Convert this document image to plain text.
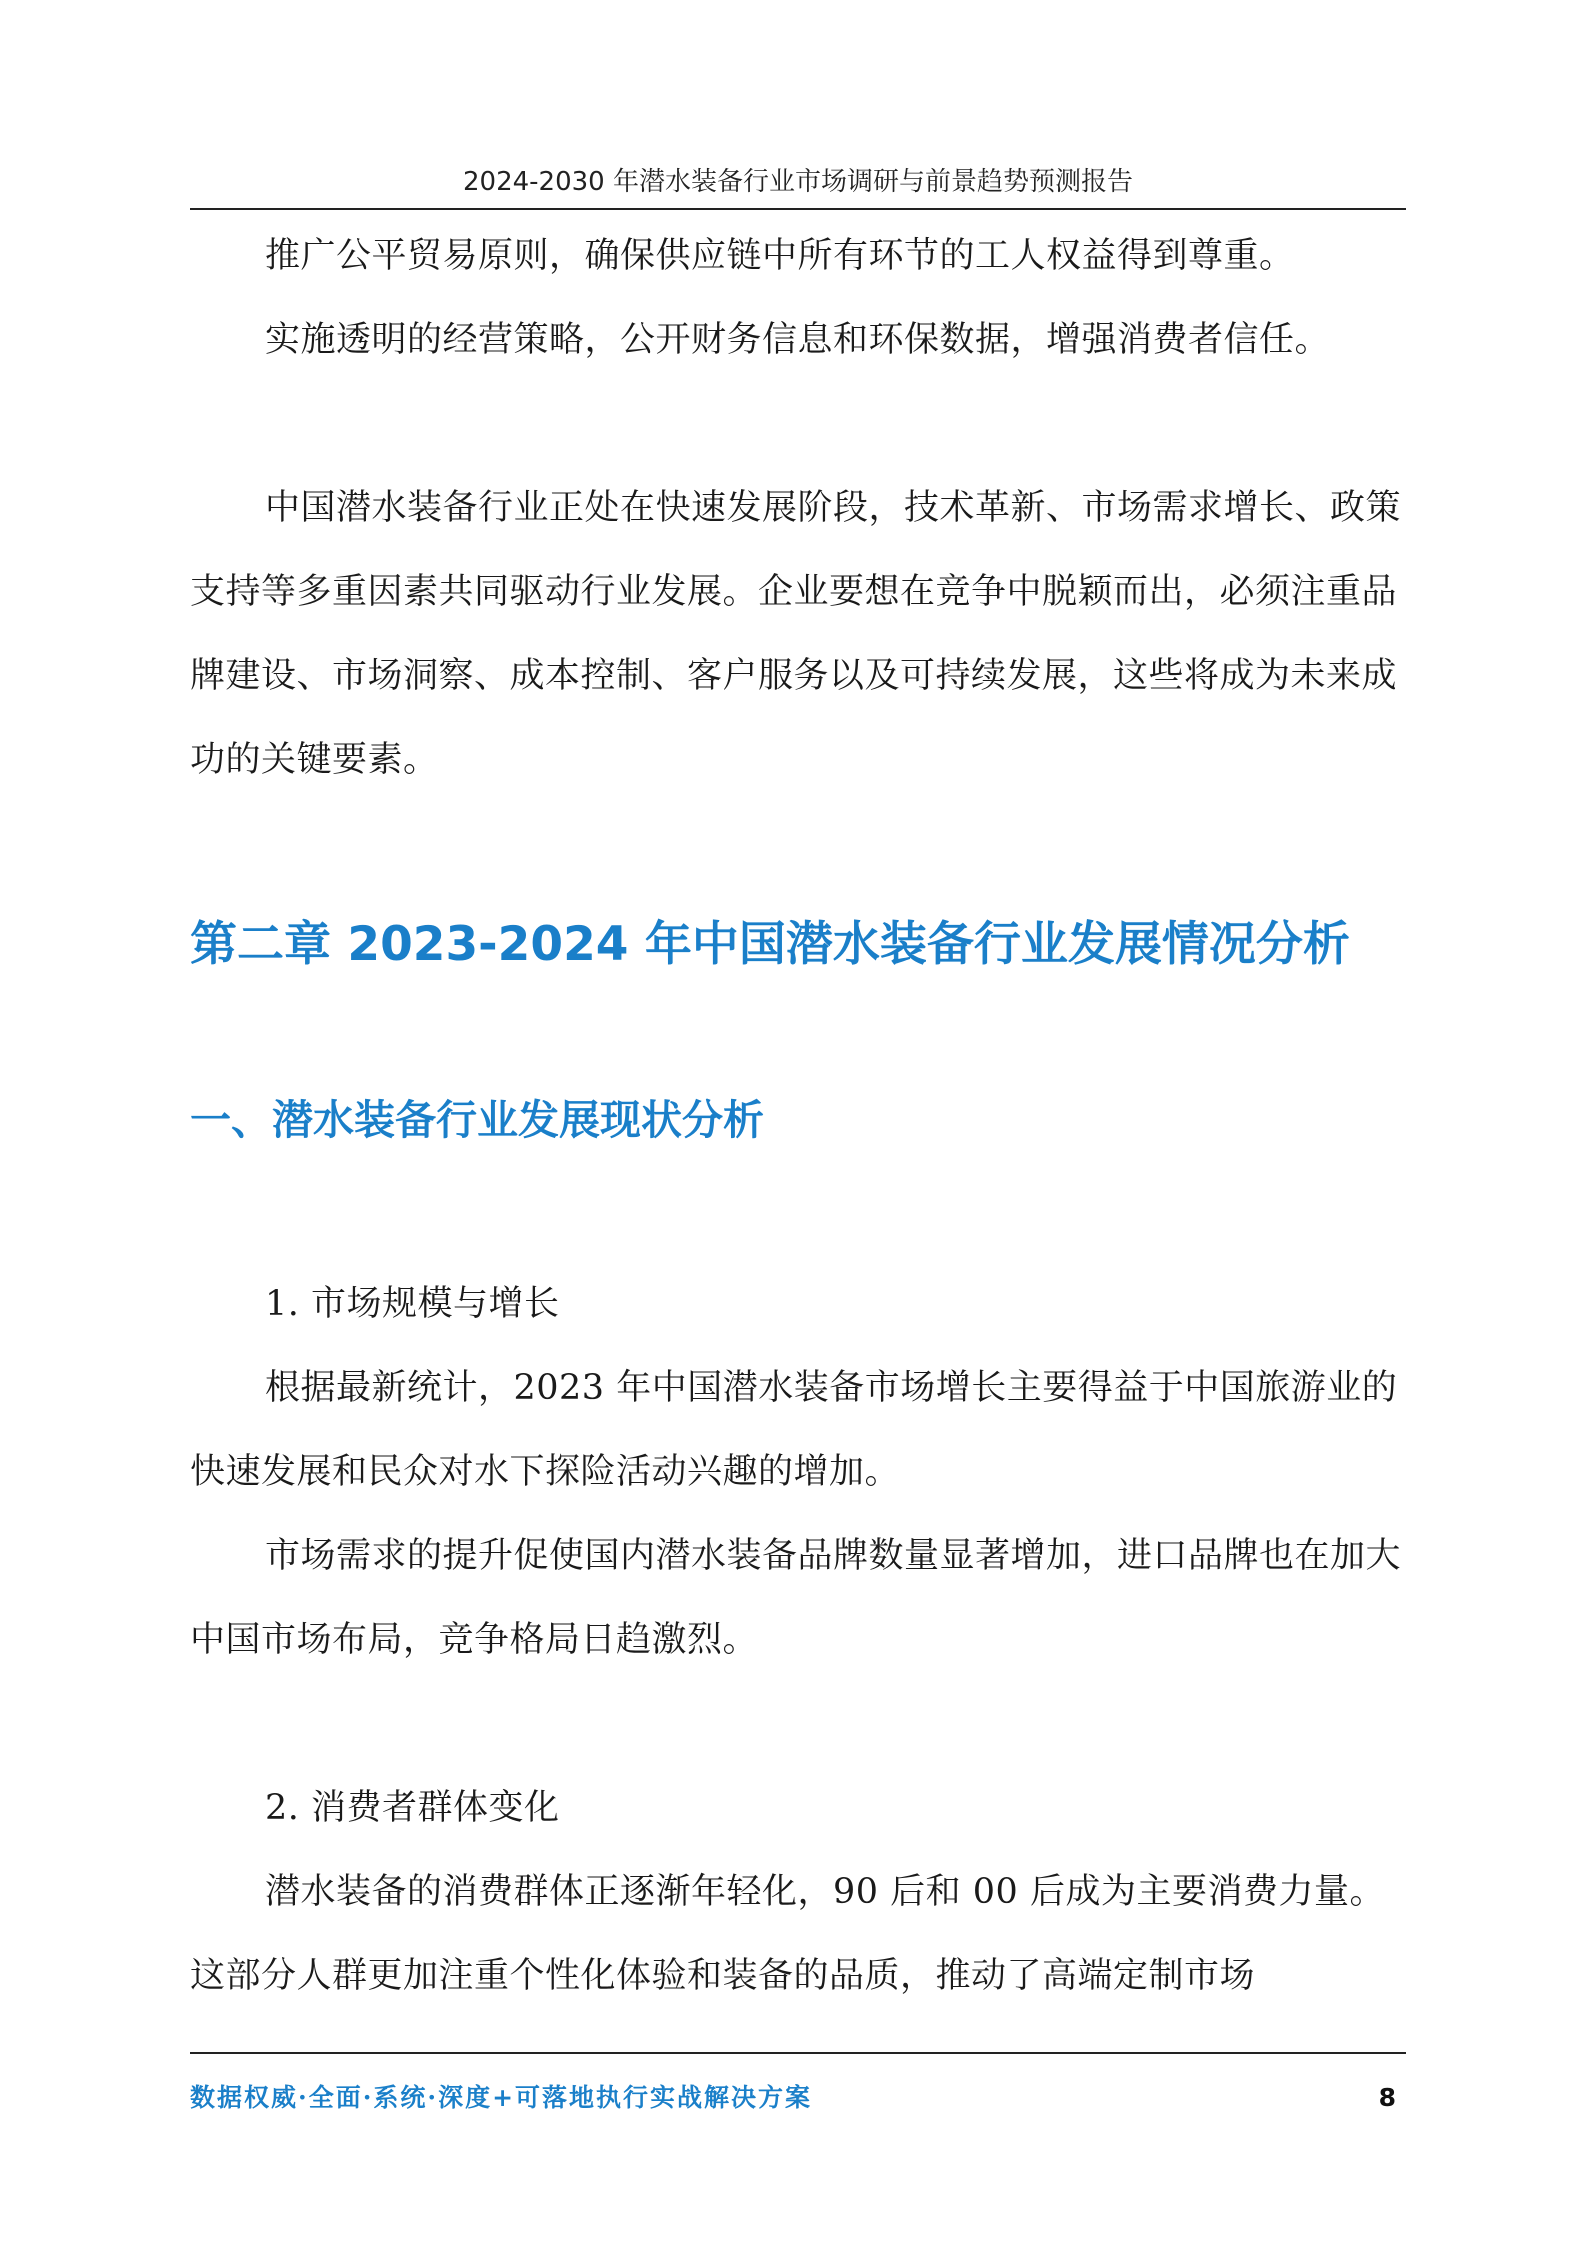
2024-2030 年潜水装备行业市场调研与前景趋势预测报告

推广公平贸易原则，确保供应链中所有环节的工人权益得到尊重。

实施透明的经营策略，公开财务信息和环保数据，增强消费者信任。

中国潜水装备行业正处在快速发展阶段，技术革新、市场需求增长、政策支持等多重因素共同驱动行业发展。企业要想在竞争中脱颖而出，必须注重品牌建设、市场洞察、成本控制、客户服务以及可持续发展，这些将成为未来成功的关键要素。

第二章 2023-2024 年中国潜水装备行业发展情况分析
一、潜水装备行业发展现状分析

1. 市场规模与增长

根据最新统计，2023 年中国潜水装备市场增长主要得益于中国旅游业的快速发展和民众对水下探险活动兴趣的增加。

市场需求的提升促使国内潜水装备品牌数量显著增加，进口品牌也在加大中国市场布局，竞争格局日趋激烈。

2. 消费者群体变化

潜水装备的消费群体正逐渐年轻化，90 后和 00 后成为主要消费力量。这部分人群更加注重个性化体验和装备的品质，推动了高端定制市场

数据权威·全面·系统·深度+可落地执行实战解决方案	8
